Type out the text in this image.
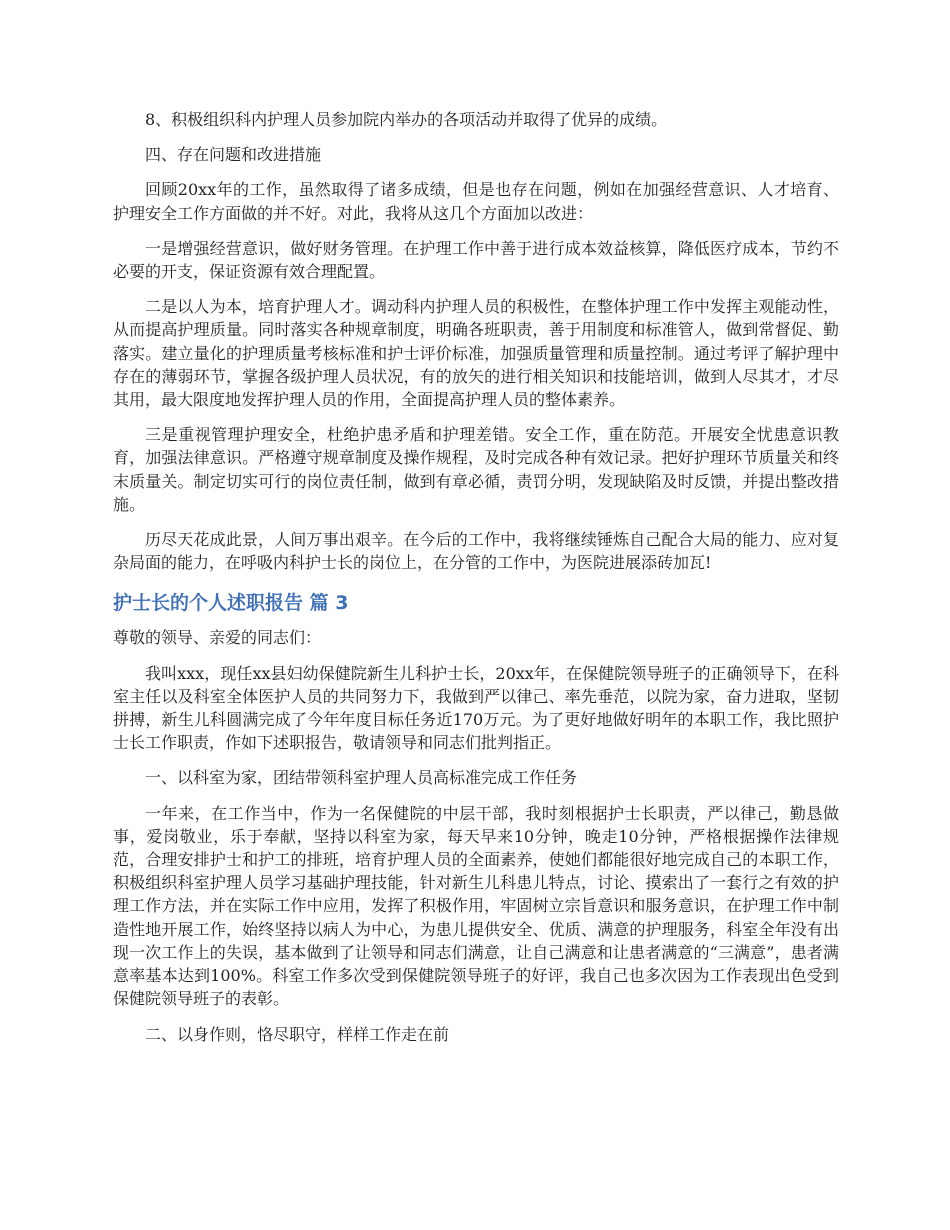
8、积极组织科内护理人员参加院内举办的各项活动并取得了优异的成绩。

四、存在问题和改进措施

回顾20xx年的工作，虽然取得了诸多成绩，但是也存在问题，例如在加强经营意识、人才培育、护理安全工作方面做的并不好。对此，我将从这几个方面加以改进：

一是增强经营意识，做好财务管理。在护理工作中善于进行成本效益核算，降低医疗成本，节约不必要的开支，保证资源有效合理配置。

二是以人为本，培育护理人才。调动科内护理人员的积极性，在整体护理工作中发挥主观能动性，从而提高护理质量。同时落实各种规章制度，明确各班职责，善于用制度和标准管人，做到常督促、勤落实。建立量化的护理质量考核标准和护士评价标准，加强质量管理和质量控制。通过考评了解护理中存在的薄弱环节，掌握各级护理人员状况，有的放矢的进行相关知识和技能培训，做到人尽其才，才尽其用，最大限度地发挥护理人员的作用，全面提高护理人员的整体素养。

三是重视管理护理安全，杜绝护患矛盾和护理差错。安全工作，重在防范。开展安全忧患意识教育，加强法律意识。严格遵守规章制度及操作规程，及时完成各种有效记录。把好护理环节质量关和终末质量关。制定切实可行的岗位责任制，做到有章必循，责罚分明，发现缺陷及时反馈，并提出整改措施。

历尽天花成此景，人间万事出艰辛。在今后的工作中，我将继续锤炼自己配合大局的能力、应对复杂局面的能力，在呼吸内科护士长的岗位上，在分管的工作中，为医院进展添砖加瓦!

护士长的个人述职报告 篇 3

尊敬的领导、亲爱的同志们：

我叫xxx，现任xx县妇幼保健院新生儿科护士长，20xx年，在保健院领导班子的正确领导下，在科室主任以及科室全体医护人员的共同努力下，我做到严以律己、率先垂范，以院为家，奋力进取，坚韧拼搏，新生儿科圆满完成了今年年度目标任务近170万元。为了更好地做好明年的本职工作，我比照护士长工作职责，作如下述职报告，敬请领导和同志们批判指正。

一、以科室为家，团结带领科室护理人员高标准完成工作任务

一年来，在工作当中，作为一名保健院的中层干部，我时刻根据护士长职责，严以律己，勤恳做事，爱岗敬业，乐于奉献，坚持以科室为家，每天早来10分钟，晚走10分钟，严格根据操作法律规范，合理安排护士和护工的排班，培育护理人员的全面素养，使她们都能很好地完成自己的本职工作，积极组织科室护理人员学习基础护理技能，针对新生儿科患儿特点，讨论、摸索出了一套行之有效的护理工作方法，并在实际工作中应用，发挥了积极作用，牢固树立宗旨意识和服务意识，在护理工作中制造性地开展工作，始终坚持以病人为中心，为患儿提供安全、优质、满意的护理服务，科室全年没有出现一次工作上的失误，基本做到了让领导和同志们满意，让自己满意和让患者满意的“三满意”，患者满意率基本达到100%。科室工作多次受到保健院领导班子的好评，我自己也多次因为工作表现出色受到保健院领导班子的表彰。

二、以身作则，恪尽职守，样样工作走在前
